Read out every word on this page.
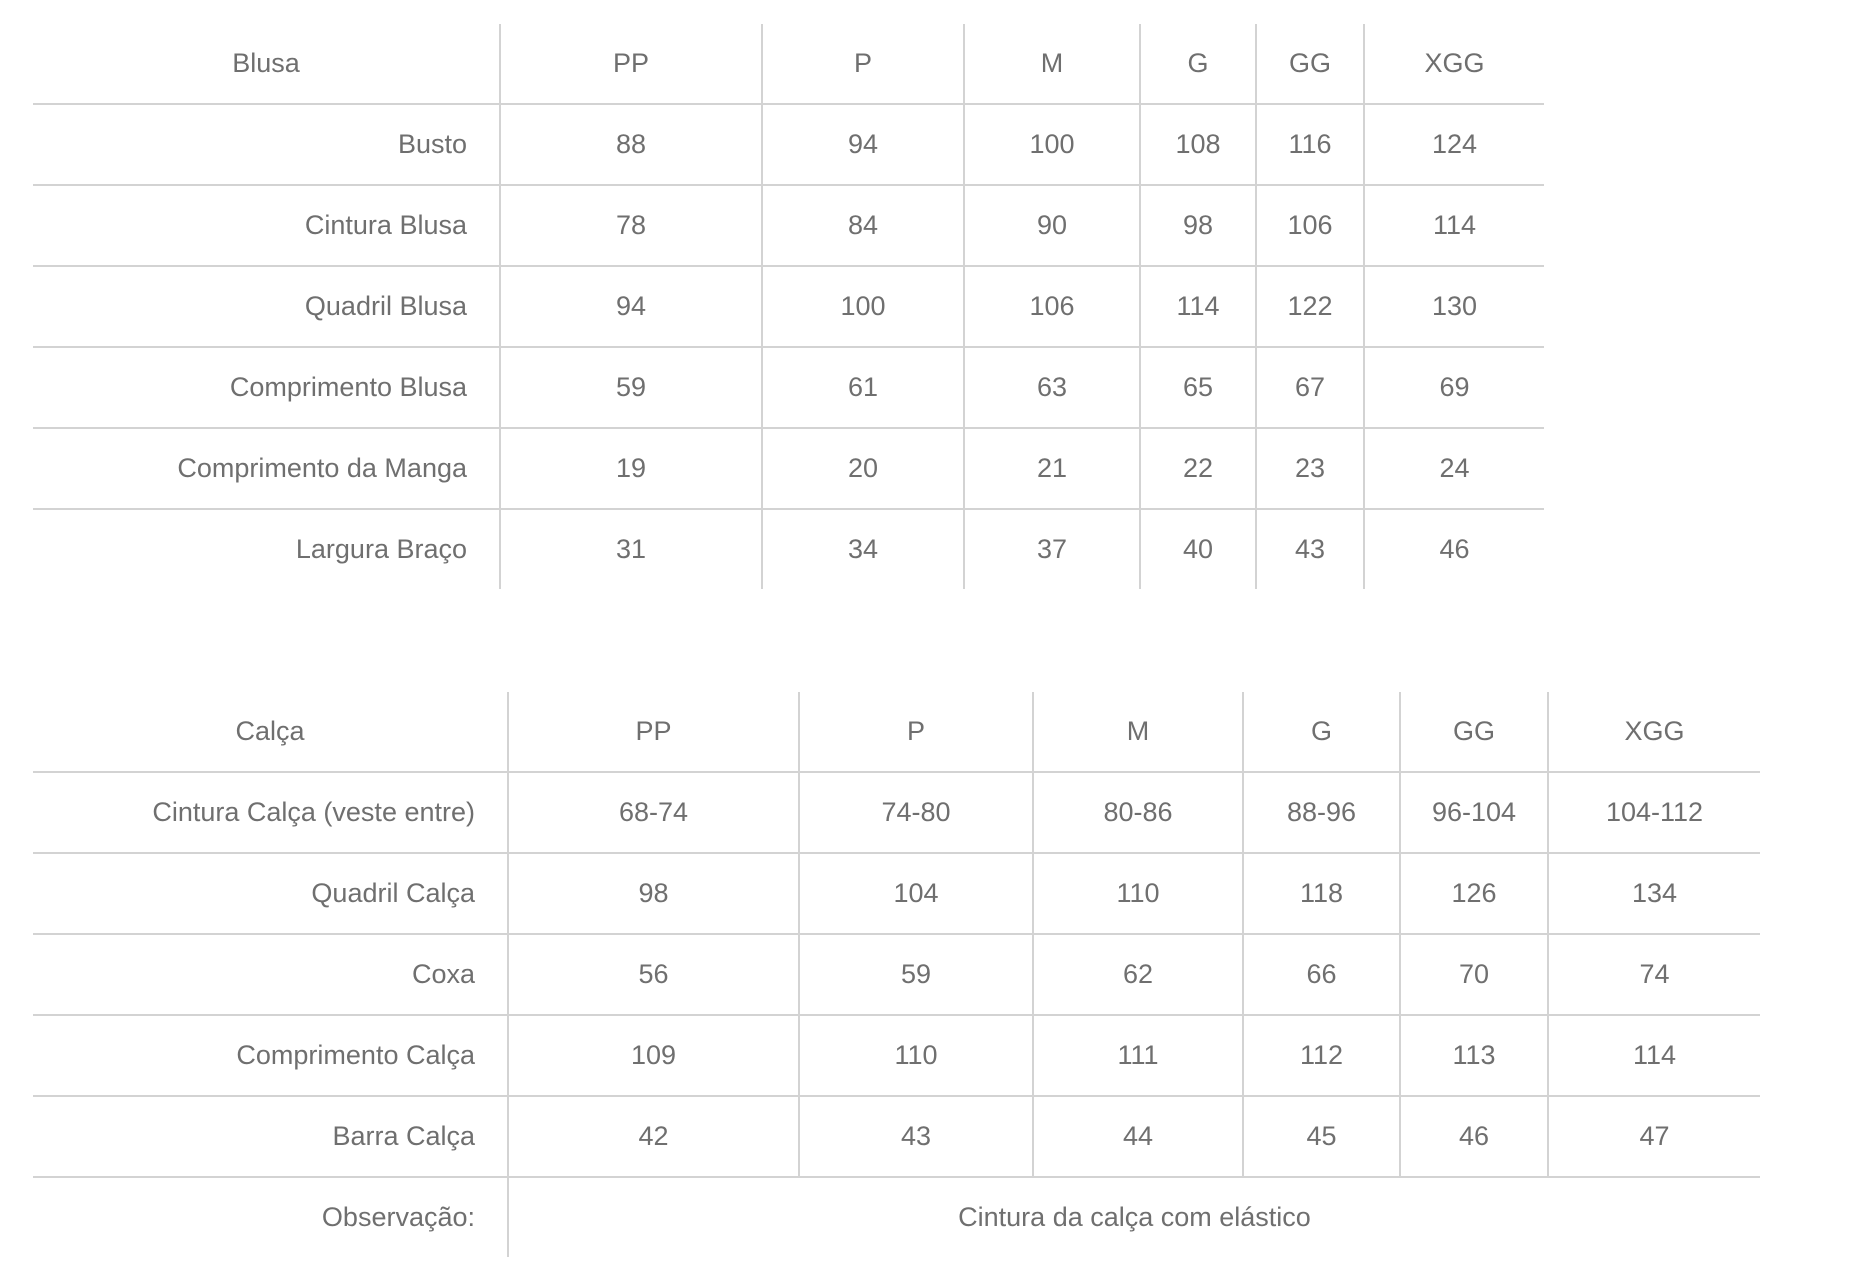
Blusa	PP	P	M	G	GG	XGG
Busto	88	94	100	108	116	124
Cintura Blusa	78	84	90	98	106	114
Quadril Blusa	94	100	106	114	122	130
Comprimento Blusa	59	61	63	65	67	69
Comprimento da Manga	19	20	21	22	23	24
Largura Braço	31	34	37	40	43	46
Calça	PP	P	M	G	GG	XGG
Cintura Calça (veste entre)	68-74	74-80	80-86	88-96	96-104	104-112
Quadril Calça	98	104	110	118	126	134
Coxa	56	59	62	66	70	74
Comprimento Calça	109	110	111	112	113	114
Barra Calça	42	43	44	45	46	47
Observação:	Cintura da calça com elástico					
